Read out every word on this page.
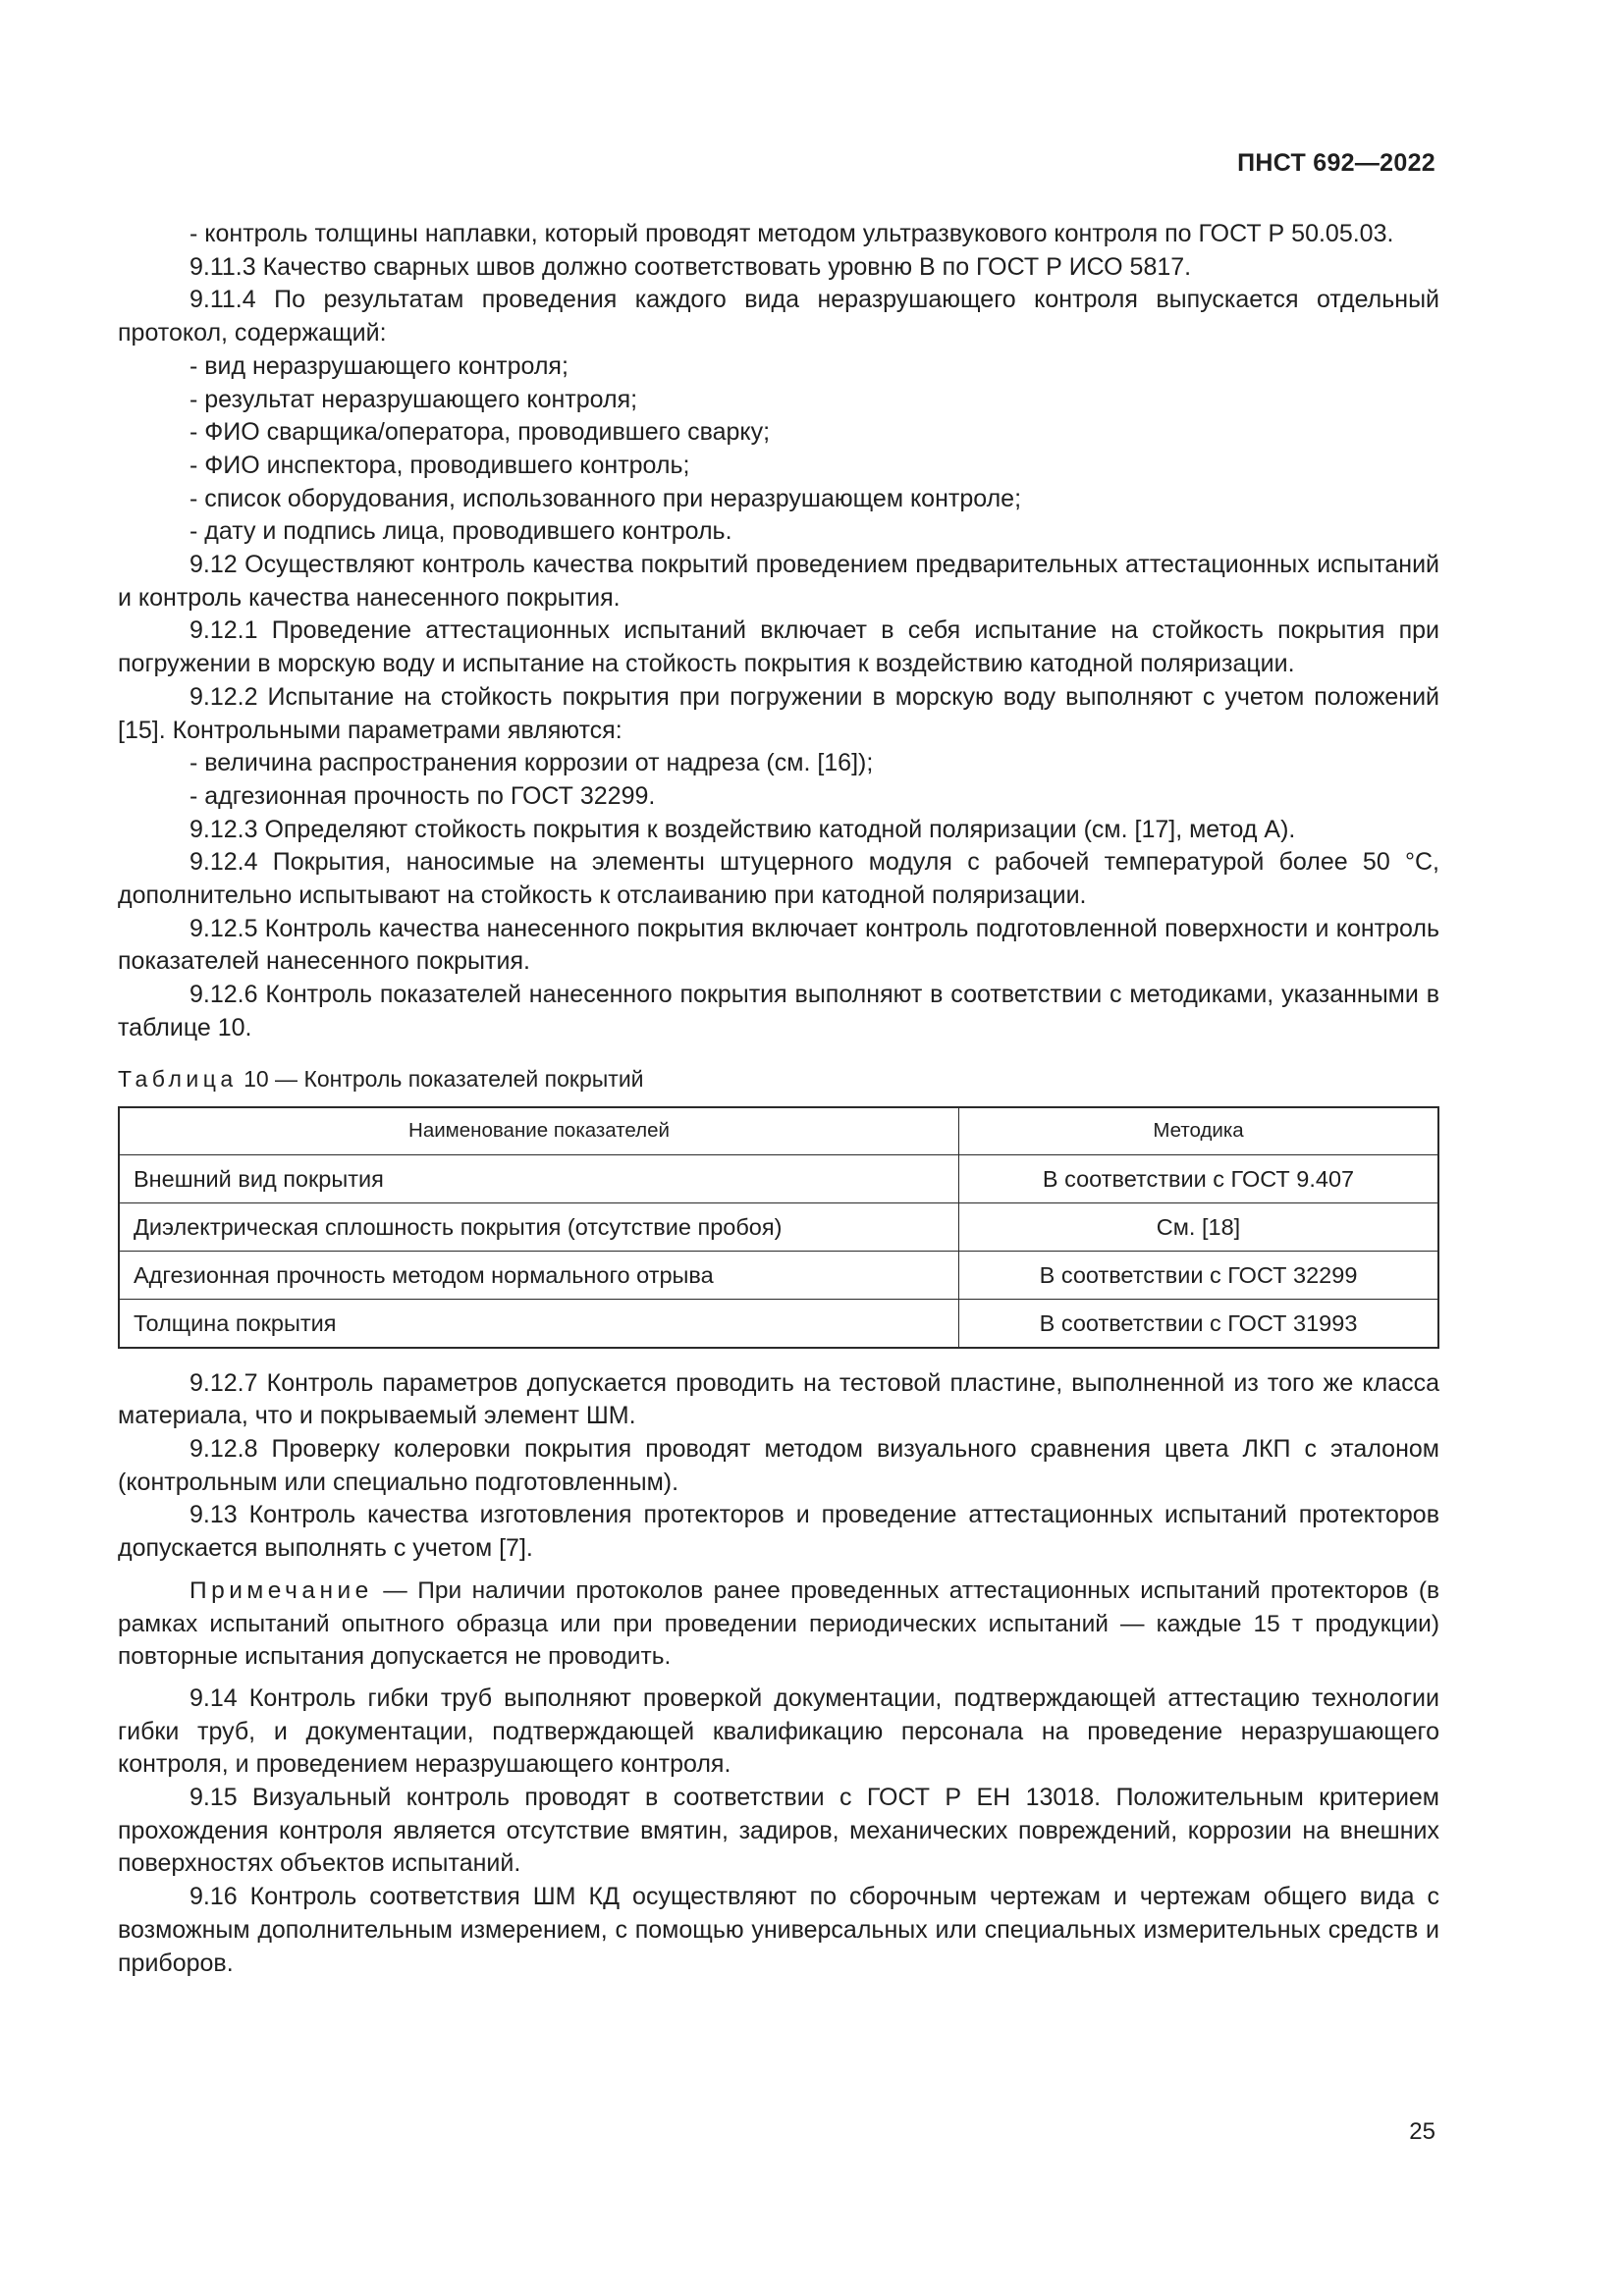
ПНСТ 692—2022

- контроль толщины наплавки, который проводят методом ультразвукового контроля по ГОСТ Р 50.05.03.

9.11.3 Качество сварных швов должно соответствовать уровню В по ГОСТ Р ИСО 5817.

9.11.4 По результатам проведения каждого вида неразрушающего контроля выпускается отдельный протокол, содержащий:

- вид неразрушающего контроля;

- результат неразрушающего контроля;

- ФИО сварщика/оператора, проводившего сварку;

- ФИО инспектора, проводившего контроль;

- список оборудования, использованного при неразрушающем контроле;

- дату и подпись лица, проводившего контроль.

9.12 Осуществляют контроль качества покрытий проведением предварительных аттестационных испытаний и контроль качества нанесенного покрытия.

9.12.1 Проведение аттестационных испытаний включает в себя испытание на стойкость покрытия при погружении в морскую воду и испытание на стойкость покрытия к воздействию катодной поляризации.

9.12.2 Испытание на стойкость покрытия при погружении в морскую воду выполняют с учетом положений [15]. Контрольными параметрами являются:

- величина распространения коррозии от надреза (см. [16]);

- адгезионная прочность по ГОСТ 32299.

9.12.3 Определяют стойкость покрытия к воздействию катодной поляризации (см. [17], метод А).

9.12.4 Покрытия, наносимые на элементы штуцерного модуля с рабочей температурой более 50 °С, дополнительно испытывают на стойкость к отслаиванию при катодной поляризации.

9.12.5 Контроль качества нанесенного покрытия включает контроль подготовленной поверхности и контроль показателей нанесенного покрытия.

9.12.6 Контроль показателей нанесенного покрытия выполняют в соответствии с методиками, указанными в таблице 10.

Таблица 10 — Контроль показателей покрытий

Наименование показателей	Методика
Внешний вид покрытия	В соответствии с ГОСТ 9.407
Диэлектрическая сплошность покрытия (отсутствие пробоя)	См. [18]
Адгезионная прочность методом нормального отрыва	В соответствии с ГОСТ 32299
Толщина покрытия	В соответствии с ГОСТ 31993

9.12.7 Контроль параметров допускается проводить на тестовой пластине, выполненной из того же класса материала, что и покрываемый элемент ШМ.

9.12.8 Проверку колеровки покрытия проводят методом визуального сравнения цвета ЛКП с эталоном (контрольным или специально подготовленным).

9.13 Контроль качества изготовления протекторов и проведение аттестационных испытаний протекторов допускается выполнять с учетом [7].

Примечание — При наличии протоколов ранее проведенных аттестационных испытаний протекторов (в рамках испытаний опытного образца или при проведении периодических испытаний — каждые 15 т продукции) повторные испытания допускается не проводить.

9.14 Контроль гибки труб выполняют проверкой документации, подтверждающей аттестацию технологии гибки труб, и документации, подтверждающей квалификацию персонала на проведение неразрушающего контроля, и проведением неразрушающего контроля.

9.15 Визуальный контроль проводят в соответствии с ГОСТ Р ЕН 13018. Положительным критерием прохождения контроля является отсутствие вмятин, задиров, механических повреждений, коррозии на внешних поверхностях объектов испытаний.

9.16 Контроль соответствия ШМ КД осуществляют по сборочным чертежам и чертежам общего вида с возможным дополнительным измерением, с помощью универсальных или специальных измерительных средств и приборов.

25
